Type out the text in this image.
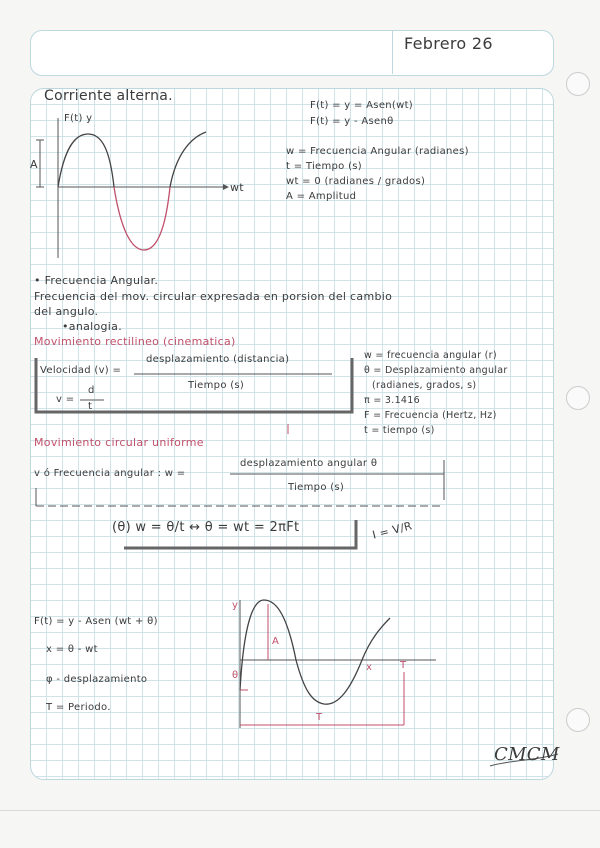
Febrero 26
Corriente alterna.
F(t) y
wt
A
F(t) = y = Asen(wt)
F(t) = y - Asenθ
w = Frecuencia Angular (radianes)
t = Tiempo (s)
wt = 0 (radianes / grados)
A = Amplitud
• Frecuencia Angular.
Frecuencia del mov. circular expresada en porsion del cambio
del angulo.
•analogia.
Movimiento rectilineo (cinematica)
Velocidad (v) =
desplazamiento (distancia)
Tiempo (s)
v =
d
t
w = frecuencia angular (r)
θ = Desplazamiento angular
(radianes, grados, s)
π = 3.1416
F = Frecuencia (Hertz, Hz)
t = tiempo (s)
Movimiento circular uniforme
v ó Frecuencia angular : w =
desplazamiento angular θ
Tiempo (s)
(θ) w = θ/t ↔ θ = wt = 2πFt	I = V/R
F(t) = y - Asen (wt + θ)
x = θ - wt
φ - desplazamiento
T = Periodo.
y
A
θ
x
T
T
CMCM
